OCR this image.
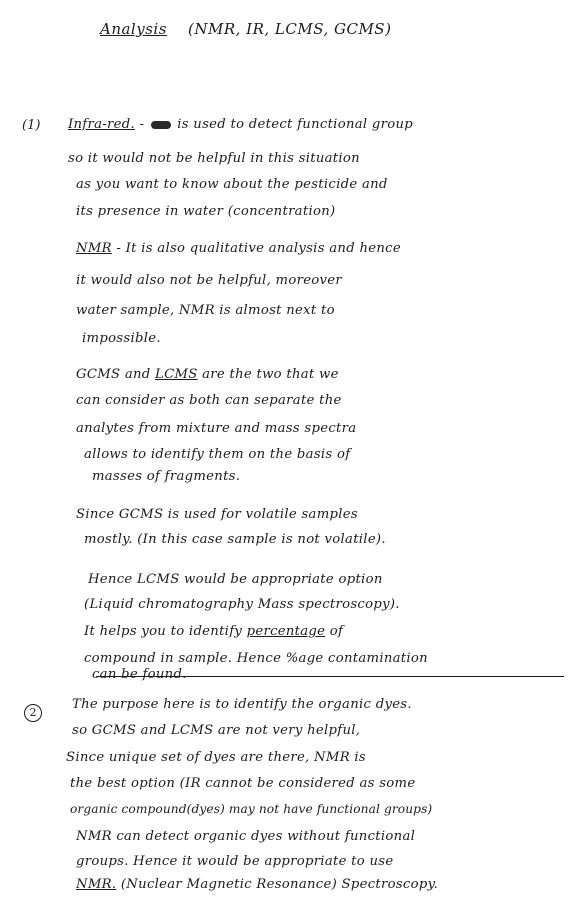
Analysis (NMR, IR, LCMS, GCMS)
(1) Infra-red. -  is used to detect functional group
so it would not be helpful in this situation
as you want to know about the pesticide and
its presence in water (concentration)
NMR - It is also qualitative analysis and hence
it would also not be helpful, moreover
water sample, NMR is almost next to
impossible.
GCMS and LCMS are the two that we
can consider as both can separate the
analytes from mixture and mass spectra
allows to identify them on the basis of
masses of fragments.
Since GCMS is used for volatile samples
mostly. (In this case sample is not volatile).
Hence LCMS would be appropriate option
(Liquid chromatography Mass spectroscopy).
It helps you to identify percentage of
compound in sample. Hence %age contamination
can be found.
2
The purpose here is to identify the organic dyes.
so GCMS and LCMS are not very helpful,
Since unique set of dyes are there, NMR is
the best option (IR cannot be considered as some
organic compound(dyes) may not have functional groups)
NMR can detect organic dyes without functional
groups. Hence it would be appropriate to use
NMR. (Nuclear Magnetic Resonance) Spectroscopy.
